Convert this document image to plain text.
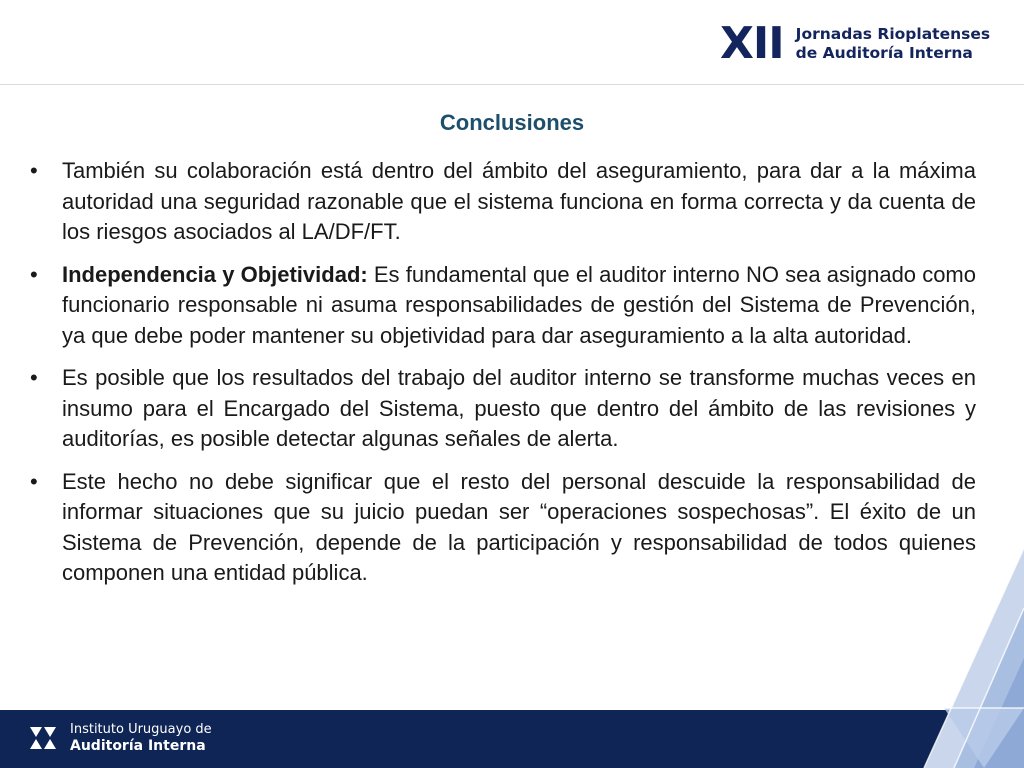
XII Jornadas Rioplatenses
de Auditoría Interna
Conclusiones
•	También su colaboración está dentro del ámbito del aseguramiento, para dar a la máxima autoridad una seguridad razonable que el sistema funciona en forma correcta y da cuenta de los riesgos asociados al LA/DF/FT.
•	Independencia y Objetividad: Es fundamental que el auditor interno NO sea asignado como funcionario responsable ni asuma responsabilidades de gestión del Sistema de Prevención, ya que debe poder mantener su objetividad para dar aseguramiento a la alta autoridad.
•	Es posible que los resultados del trabajo del auditor interno se transforme muchas veces en insumo para el Encargado del Sistema, puesto que dentro del ámbito de las revisiones y auditorías, es posible detectar algunas señales de alerta.
•	Este hecho no debe significar que el resto del personal descuide la responsabilidad de informar situaciones que su juicio puedan ser “operaciones sospechosas”. El éxito de un Sistema de Prevención, depende de la participación y responsabilidad de todos quienes componen una entidad pública.
Instituto Uruguayo de
Auditoría Interna
